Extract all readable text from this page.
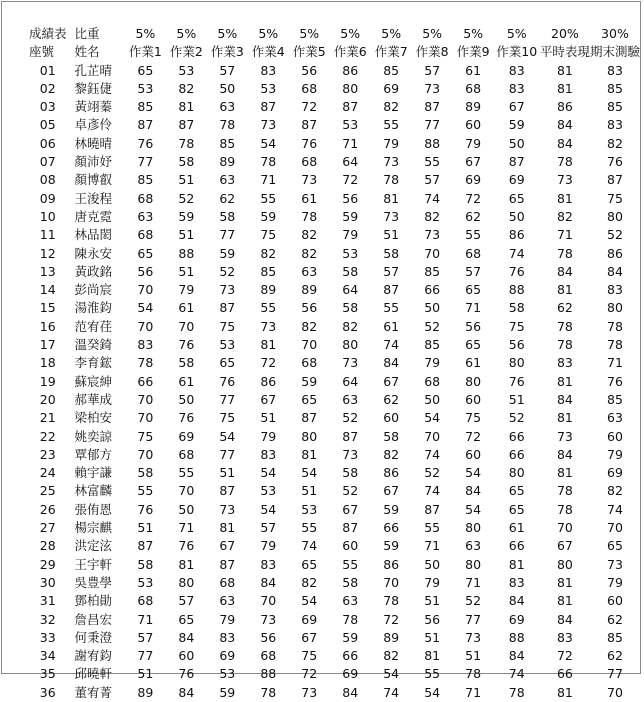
成績表	比重	5%	5%	5%	5%	5%	5%	5%	5%	5%	5%	20%	30%
座號	姓名	作業1	作業2	作業3	作業4	作業5	作業6	作業7	作業8	作業9	作業10	平時表現	期末測驗
01	孔芷晴	65	53	57	83	56	86	85	57	61	83	81	83
02	黎鈺倢	53	82	50	53	68	80	69	73	68	83	81	85
03	黃翊蓁	85	81	63	87	72	87	82	87	89	67	86	85
05	卓彥伶	87	87	78	73	87	53	55	77	60	59	84	83
06	林曉晴	76	78	85	54	76	71	79	88	79	50	84	82
07	顏沛妤	77	58	89	78	68	64	73	55	67	87	78	76
08	顏博叡	85	51	63	71	73	72	78	57	69	69	73	87
09	王浚程	68	52	62	55	61	56	81	74	72	65	81	75
10	唐克霓	63	59	58	59	78	59	73	82	62	50	82	80
11	林品閎	68	51	77	75	82	79	51	73	55	86	71	52
12	陳永安	65	88	59	82	82	53	58	70	68	74	78	86
13	黃政銘	56	51	52	85	63	58	57	85	57	76	84	84
14	彭尚宸	70	79	73	89	89	64	87	66	65	88	81	83
15	湯淮鈞	54	61	87	55	56	58	55	50	71	58	62	80
16	范宥荏	70	70	75	73	82	82	61	52	56	75	78	78
17	溫癸錡	83	76	53	81	70	80	74	85	65	56	78	78
18	李育鋐	78	58	65	72	68	73	84	79	61	80	83	71
19	蘇宸紳	66	61	76	86	59	64	67	68	80	76	81	76
20	郝華成	70	50	77	67	65	63	62	50	60	51	84	85
21	梁柏安	70	76	75	51	87	52	60	54	75	52	81	63
22	姚奕諒	75	69	54	79	80	87	58	70	72	66	73	60
23	覃郁方	70	68	77	83	81	73	82	74	60	66	84	79
24	賴宇謙	58	55	51	54	54	58	86	52	54	80	81	69
25	林富麟	55	70	87	53	51	52	67	74	84	65	78	82
26	張侑恩	76	50	73	54	53	67	59	87	54	65	78	74
27	楊宗麒	51	71	81	57	55	87	66	55	80	61	70	70
28	洪定泫	87	76	67	79	74	60	59	71	63	66	67	65
29	王宇軒	58	81	87	83	65	55	86	50	80	81	80	73
30	吳豊學	53	80	68	84	82	58	70	79	71	83	81	79
31	鄧柏勛	68	57	63	70	54	63	78	51	52	84	81	60
32	詹昌宏	71	65	79	73	69	78	72	56	77	69	84	62
33	何秉澄	57	84	83	56	67	59	89	51	73	88	83	85
34	謝宥鈞	77	60	69	68	75	66	82	81	51	84	72	62
35	邱曉軒	51	76	53	88	72	69	54	55	78	74	66	77
36	董宥菁	89	84	59	78	73	84	74	54	71	78	81	70
